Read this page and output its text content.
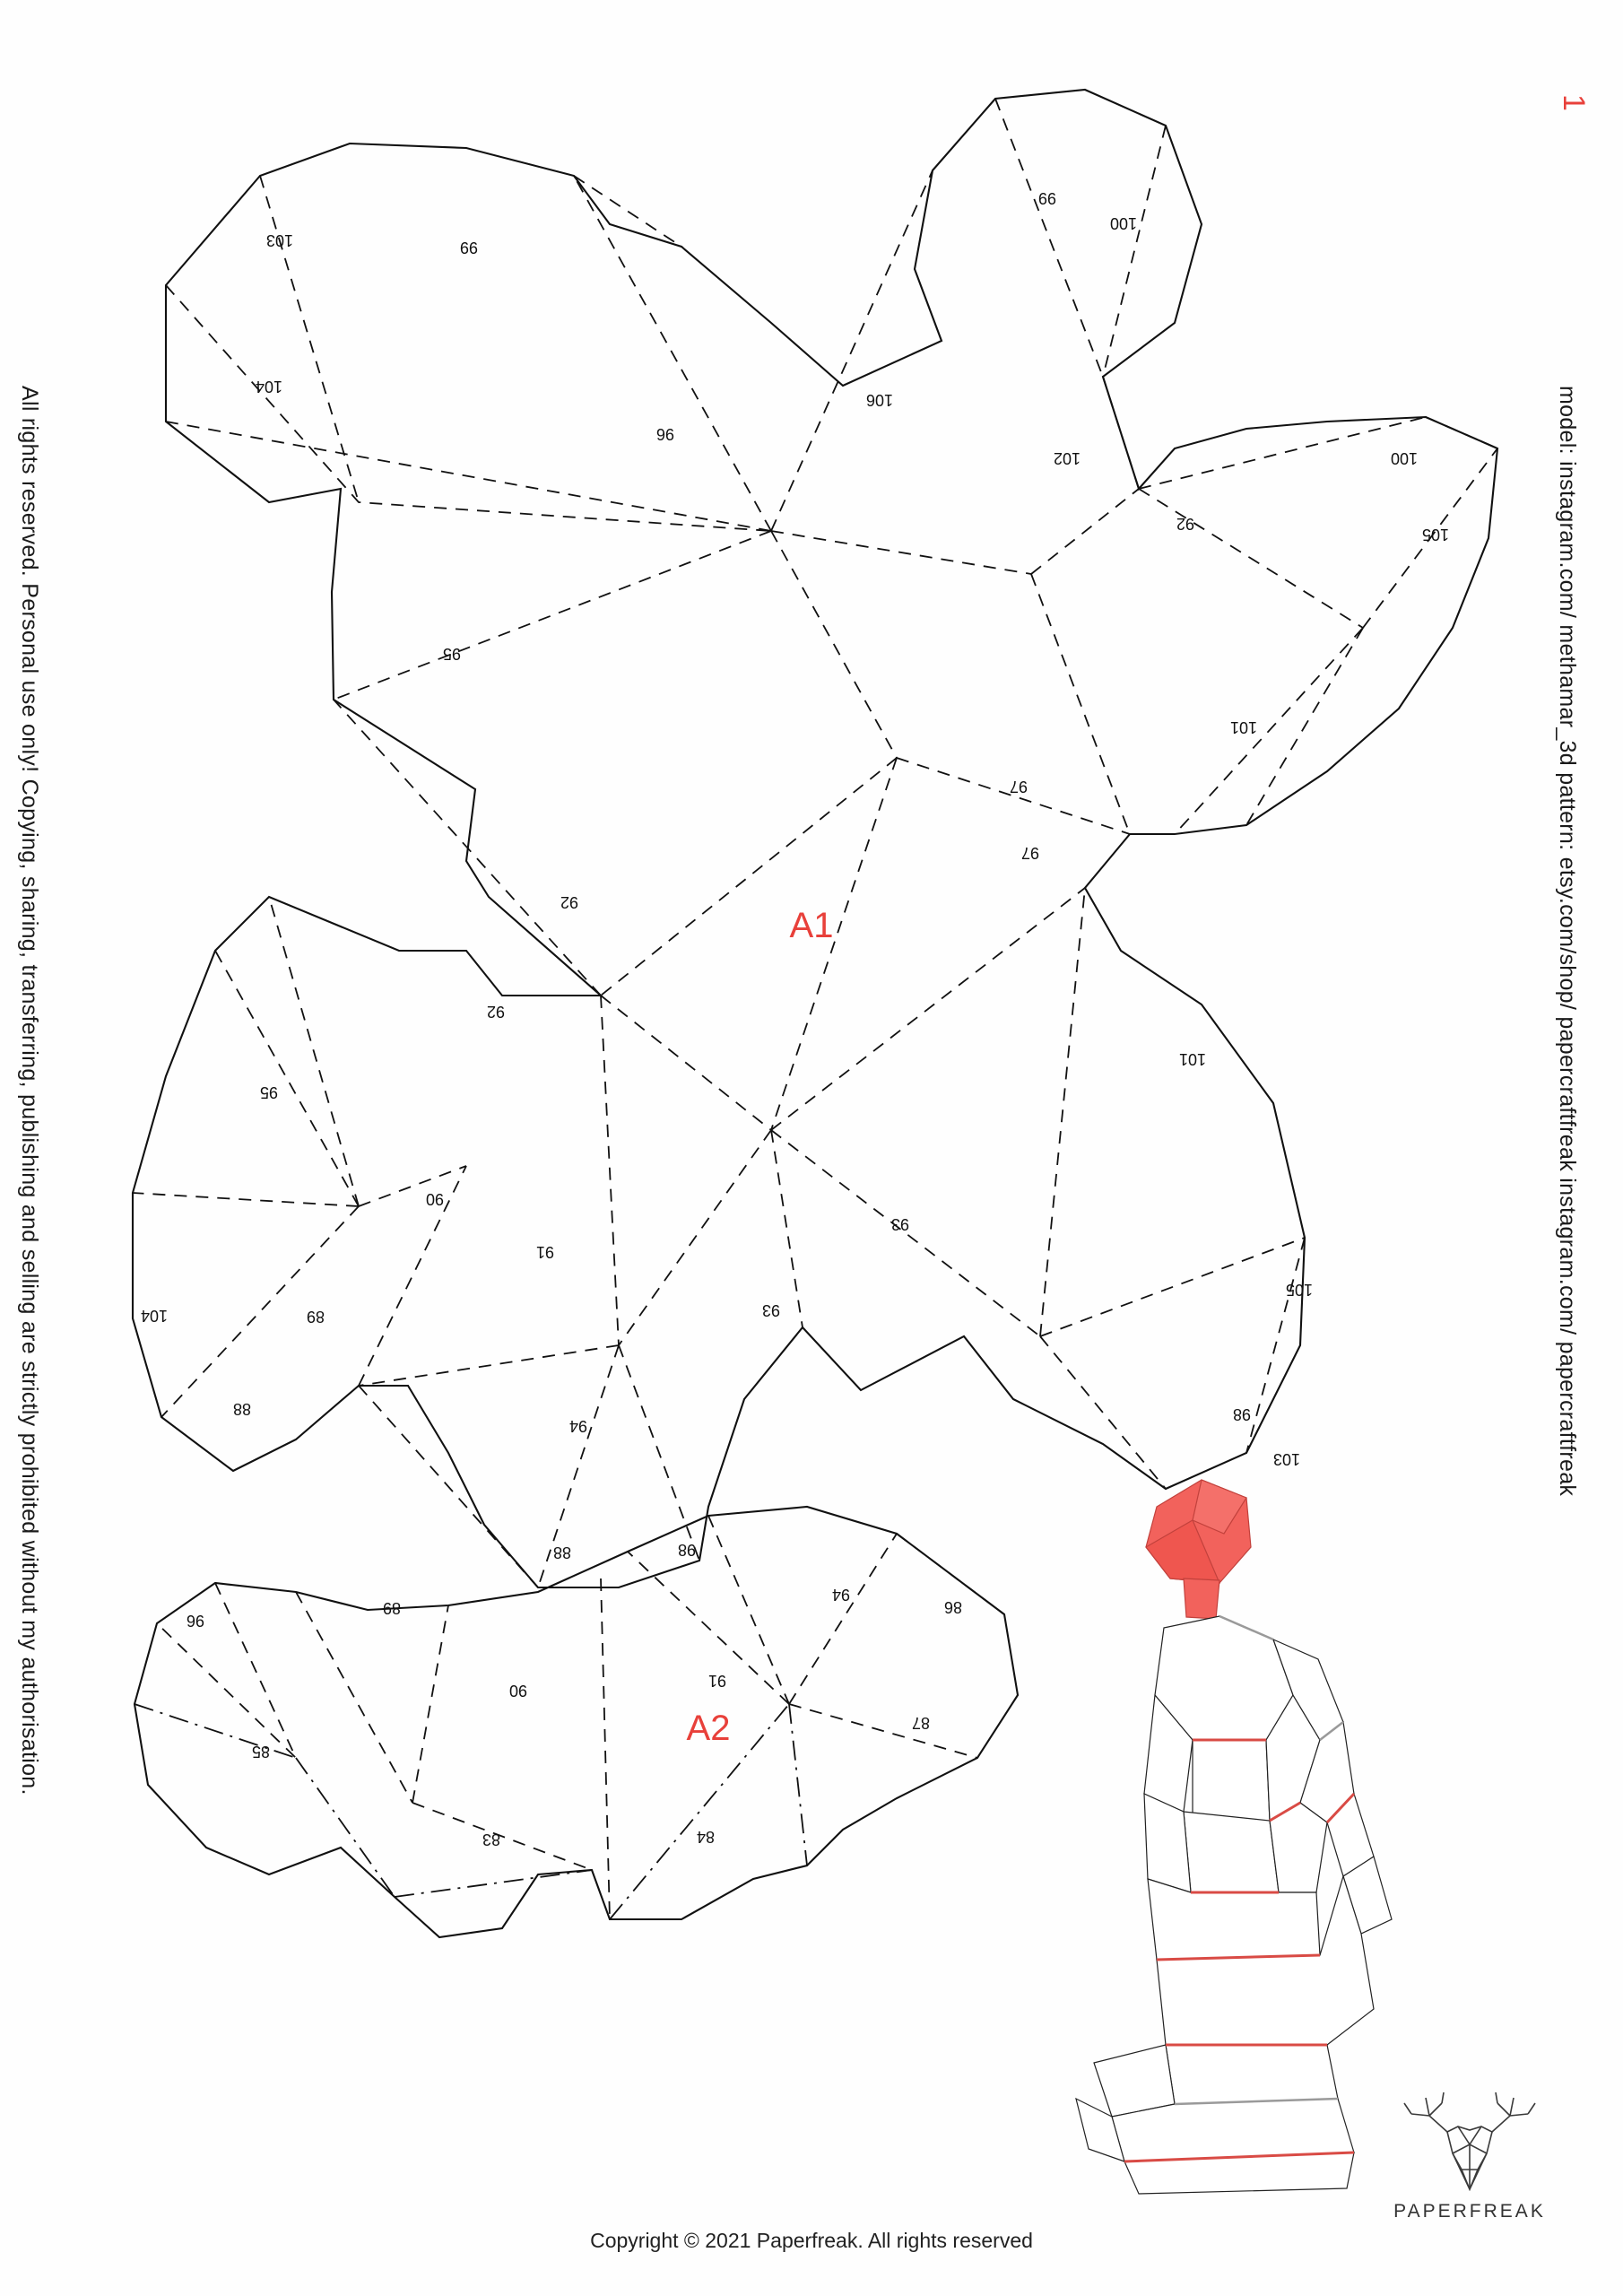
103	99
104
96
99
100
106
102
92
100
105
95
101
97
97
92
92
95
90
91
89
104
88
101
93
93
105
98
103
94
88	98
96
89
90
85
83
91
84
94
86
87
A1
A2
All rights reserved. Personal use only! Copying, sharing, transferring, publishing and selling are strictly prohibited without my authorisation.	model: instagram.com/ methamar_3d pattern: etsy.com/shop/ papercraftfreak instagram.com/ papercraftfreak
1
Copyright © 2021 Paperfreak. All rights reserved
PAPERFREAK
